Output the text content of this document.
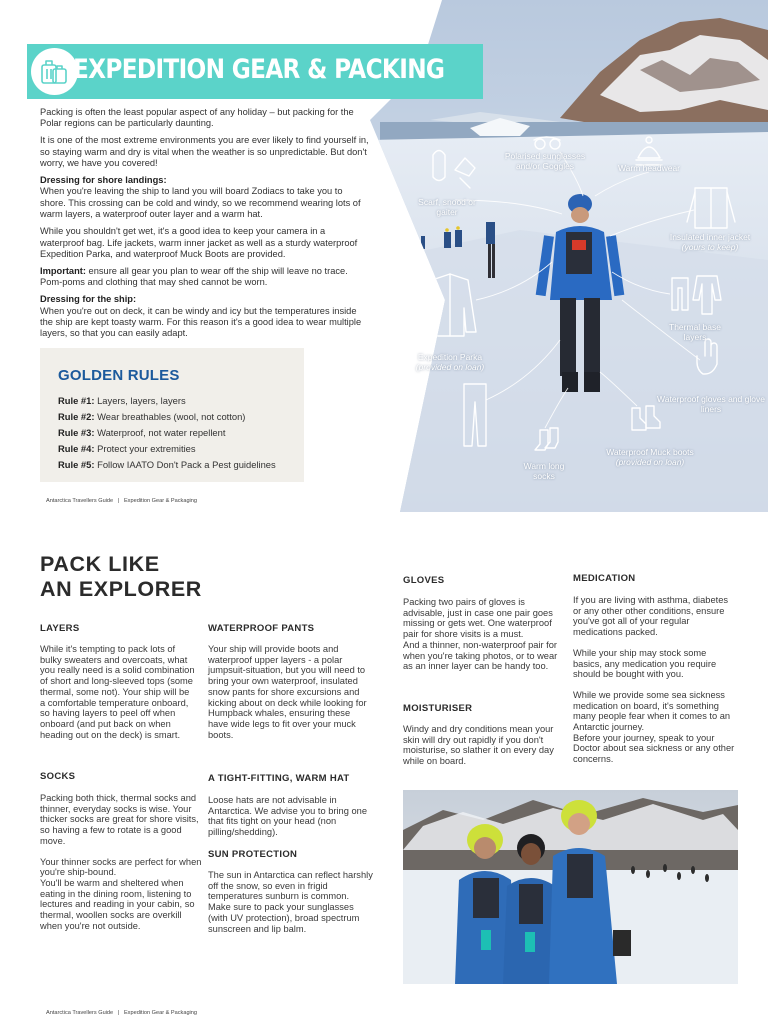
Polarised sunglasses and/or Goggles	Warm headwear
Scarf, snood or gaiter
Insulated inner jacket
(yours to keep)
Thermal base layers
Expedition Parka
(provided on loan)
Waterproof gloves and glove liners
Waterproof Muck boots
(provided on loan)
Warm long socks
EXPEDITION GEAR & PACKING

Packing is often the least popular aspect of any holiday – but packing for the Polar regions can be particularly daunting.

It is one of the most extreme environments you are ever likely to find yourself in, so staying warm and dry is vital when the weather is so unpredictable. But don't worry, we have you covered!

Dressing for shore landings:
When you're leaving the ship to land you will board Zodiacs to take you to shore. This crossing can be cold and windy, so we recommend wearing lots of warm layers, a waterproof outer layer and a warm hat.

While you shouldn't get wet, it's a good idea to keep your camera in a waterproof bag. Life jackets, warm inner jacket as well as a sturdy waterproof Expedition Parka, and waterproof Muck Boots are provided.

Important: ensure all gear you plan to wear off the ship will leave no trace. Pom-poms and clothing that may shed cannot be worn.

Dressing for the ship:
When you're out on deck, it can be windy and icy but the temperatures inside the ship are kept toasty warm. For this reason it's a good idea to wear multiple layers, so that you can easily adapt.

GOLDEN RULES
Rule #1: Layers, layers, layers
Rule #2: Wear breathables (wool, not cotton)
Rule #3: Waterproof, not water repellent
Rule #4: Protect your extremities
Rule #5: Follow IAATO Don't Pack a Pest guidelines
Antarctica Travellers Guide | Expedition Gear & Packaging
PACK LIKE
AN EXPLORER
LAYERS

While it's tempting to pack lots of bulky sweaters and overcoats, what you really need is a solid combination of short and long-sleeved tops (some thermal, some not). Your ship will be a comfortable temperature onboard, so having layers to peel off when onboard (and put back on when heading out on the deck) is smart.

SOCKS

Packing both thick, thermal socks and thinner, everyday socks is wise. Your thicker socks are great for shore visits, so having a few to rotate is a good move.

Your thinner socks are perfect for when you're ship-bound.
You'll be warm and sheltered when eating in the dining room, listening to lectures and reading in your cabin, so thermal, woollen socks are overkill when you're not outside.

WATERPROOF PANTS

Your ship will provide boots and waterproof upper layers - a polar jumpsuit-situation, but you will need to bring your own waterproof, insulated snow pants for shore excursions and kicking about on deck while looking for Humpback whales, ensuring these have wide legs to fit over your muck boots.

A TIGHT-FITTING, WARM HAT

Loose hats are not advisable in Antarctica. We advise you to bring one that fits tight on your head (non pilling/shedding).

SUN PROTECTION

The sun in Antarctica can reflect harshly off the snow, so even in frigid temperatures sunburn is common. Make sure to pack your sunglasses (with UV protection), broad spectrum sunscreen and lip balm.

GLOVES

Packing two pairs of gloves is advisable, just in case one pair goes missing or gets wet. One waterproof pair for shore visits is a must.

And a thinner, non-waterproof pair for when you're taking photos, or to wear as an inner layer can be handy too.

MOISTURISER

Windy and dry conditions mean your skin will dry out rapidly if you don't moisturise, so slather it on every day while on board.

MEDICATION

If you are living with asthma, diabetes or any other other conditions, ensure you've got all of your regular medications packed.

While your ship may stock some basics, any medication you require should be bought with you.

While we provide some sea sickness medication on board, it's something many people fear when it comes to an Antarctic journey.
Before your journey, speak to your Doctor about sea sickness or any other concerns.

Antarctica Travellers Guide | Expedition Gear & Packaging
